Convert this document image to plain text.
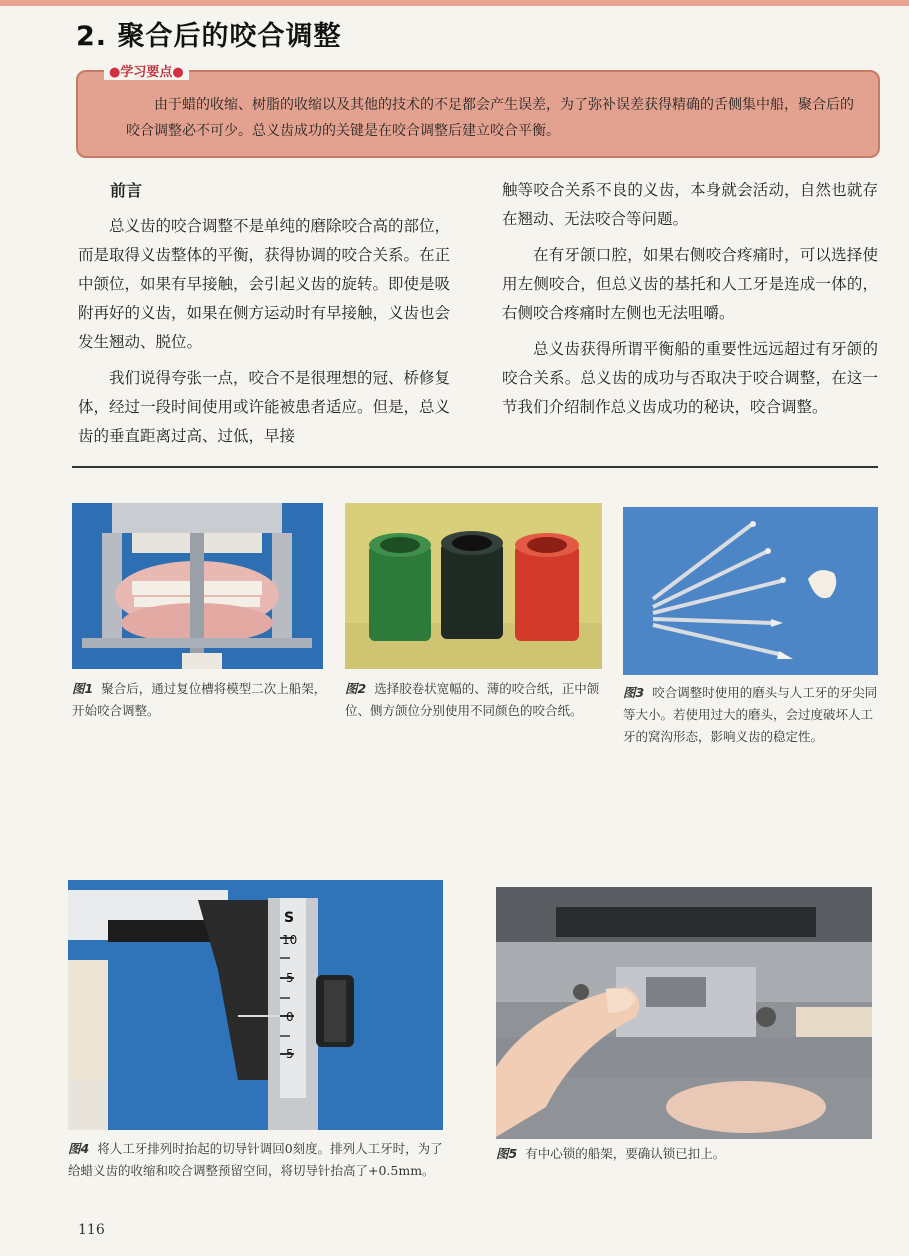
2. 聚合后的咬合调整
●学习要点●
由于蜡的收缩、树脂的收缩以及其他的技术的不足都会产生误差，为了弥补误差获得精确的舌侧集中船，聚合后的咬合调整必不可少。总义齿成功的关键是在咬合调整后建立咬合平衡。

前言

总义齿的咬合调整不是单纯的磨除咬合高的部位，而是取得义齿整体的平衡，获得协调的咬合关系。在正中颌位，如果有早接触，会引起义齿的旋转。即使是吸附再好的义齿，如果在侧方运动时有早接触，义齿也会发生翘动、脱位。

我们说得夸张一点，咬合不是很理想的冠、桥修复体，经过一段时间使用或许能被患者适应。但是，总义齿的垂直距离过高、过低，早接

触等咬合关系不良的义齿，本身就会活动，自然也就存在翘动、无法咬合等问题。

在有牙颌口腔，如果右侧咬合疼痛时，可以选择使用左侧咬合，但总义齿的基托和人工牙是连成一体的，右侧咬合疼痛时左侧也无法咀嚼。

总义齿获得所谓平衡船的重要性远远超过有牙颌的咬合关系。总义齿的成功与否取决于咬合调整，在这一节我们介绍制作总义齿成功的秘诀，咬合调整。

图1 聚合后，通过复位槽将模型二次上船架，开始咬合调整。
图2 选择胶卷状宽幅的、薄的咬合纸，正中颌位、侧方颌位分别使用不同颜色的咬合纸。
图3 咬合调整时使用的磨头与人工牙的牙尖同等大小。若使用过大的磨头，会过度破坏人工牙的窝沟形态，影响义齿的稳定性。
S
10
5
0
5
图4 将人工牙排列时抬起的切导针调回0刻度。排列人工牙时，为了给蜡义齿的收缩和咬合调整预留空间，将切导针抬高了+0.5mm。
图5 有中心锁的船架，要确认锁已扣上。
116
